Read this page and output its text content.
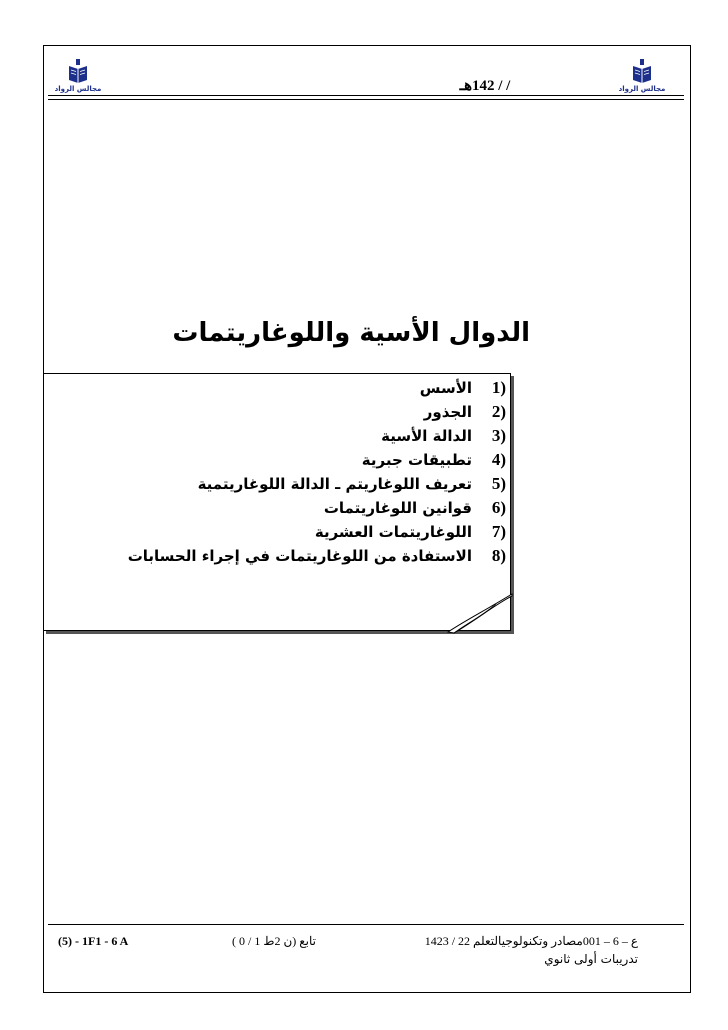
مجالس الرواد	مجالس الرواد
/ / 142هـ
الدوال الأسية واللوغاريتمات
(1
الأسس
(2
الجذور
(3
الدالة الأسية
(4
تطبيقات جبرية
(5
تعريف اللوغاريتم ـ الدالة اللوغاريتمية
(6
قوانين اللوغاريتمات
(7
اللوغاريتمات العشرية
(8
الاستفادة من اللوغاريتمات في إجراء الحسابات
ع – 6 – 001مصادر وتكنولوجيالتعلم 22 / 1423
تابع (ن 2ط 1 / 0 )
(5) - 1F1 - 6 A
تدريبات أولى ثانوي
